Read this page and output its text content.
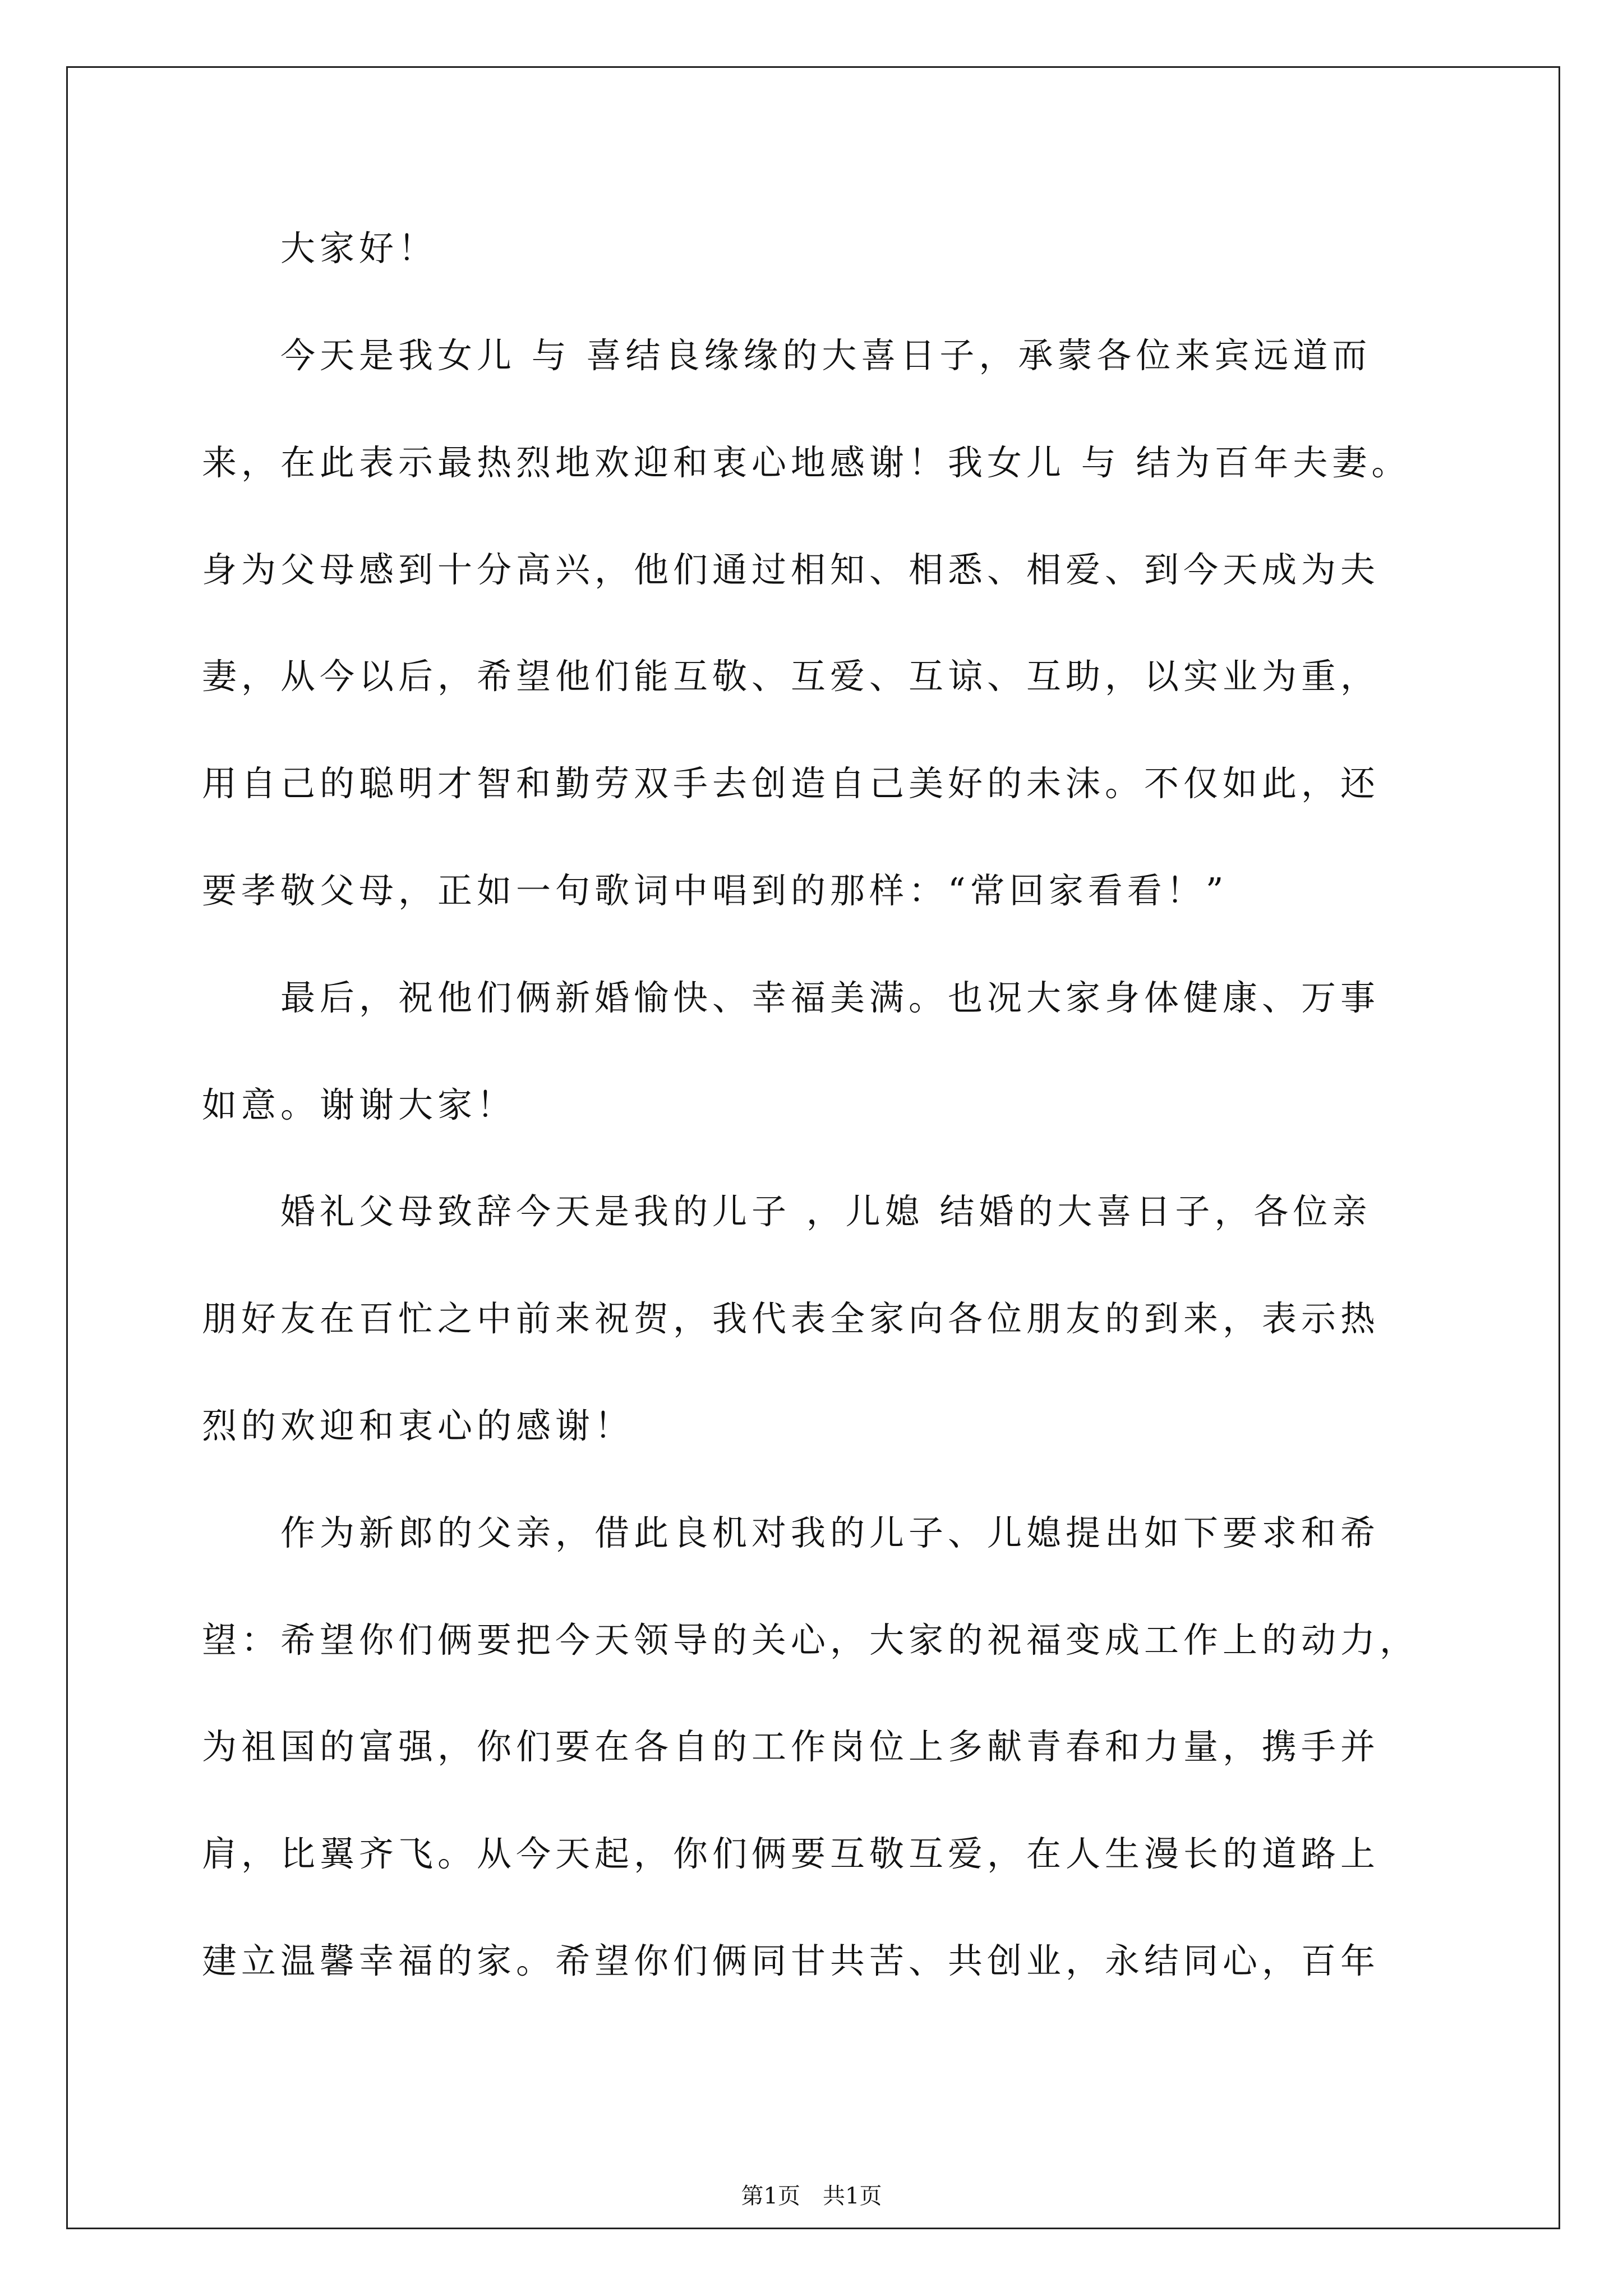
　　大家好！
　　今天是我女儿 与 喜结良缘缘的大喜日子，承蒙各位来宾远道而
来，在此表示最热烈地欢迎和衷心地感谢！我女儿 与 结为百年夫妻。
身为父母感到十分高兴，他们通过相知、相悉、相爱、到今天成为夫
妻，从今以后，希望他们能互敬、互爱、互谅、互助，以实业为重，
用自己的聪明才智和勤劳双手去创造自己美好的未沫。不仅如此，还
要孝敬父母，正如一句歌词中唱到的那样：“常回家看看！”
　　最后，祝他们俩新婚愉快、幸福美满。也况大家身体健康、万事
如意。谢谢大家！
　　婚礼父母致辞今天是我的儿子 ，儿媳 结婚的大喜日子，各位亲
朋好友在百忙之中前来祝贺，我代表全家向各位朋友的到来，表示热
烈的欢迎和衷心的感谢！
　　作为新郎的父亲，借此良机对我的儿子、儿媳提出如下要求和希
望：希望你们俩要把今天领导的关心，大家的祝福变成工作上的动力，
为祖国的富强，你们要在各自的工作岗位上多献青春和力量，携手并
肩，比翼齐飞。从今天起，你们俩要互敬互爱，在人生漫长的道路上
建立温馨幸福的家。希望你们俩同甘共苦、共创业，永结同心，百年
第1页　共1页
